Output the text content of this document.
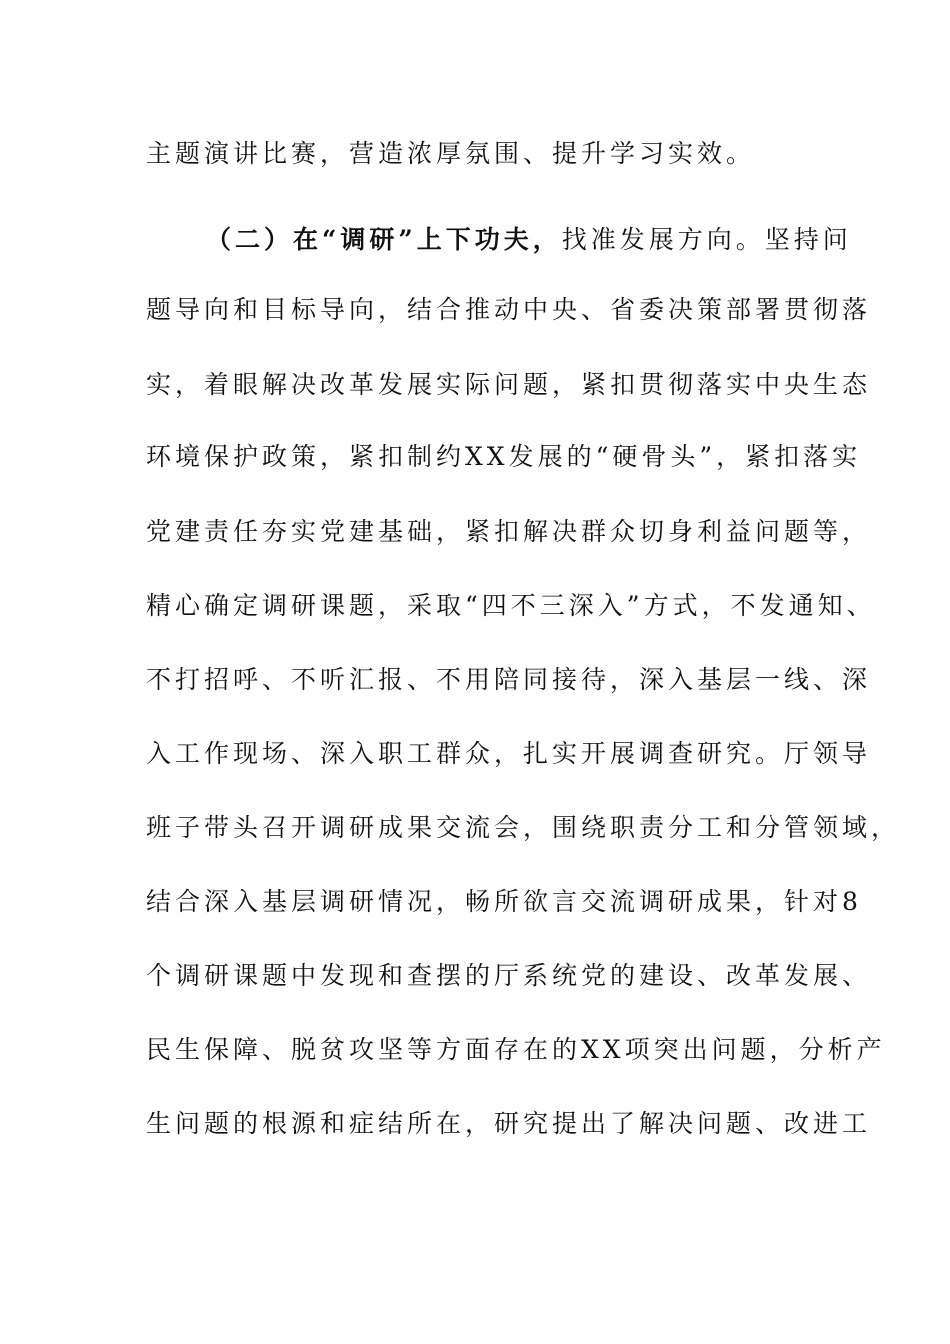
主题演讲比赛，营造浓厚氛围、提升学习实效。
（二）在“调研”上下功夫，找准发展方向。坚持问
题导向和目标导向，结合推动中央、省委决策部署贯彻落
实，着眼解决改革发展实际问题，紧扣贯彻落实中央生态
环境保护政策，紧扣制约XX发展的“硬骨头”，紧扣落实
党建责任夯实党建基础，紧扣解决群众切身利益问题等，
精心确定调研课题，采取“四不三深入”方式，不发通知、
不打招呼、不听汇报、不用陪同接待，深入基层一线、深
入工作现场、深入职工群众，扎实开展调查研究。厅领导
班子带头召开调研成果交流会，围绕职责分工和分管领域，
结合深入基层调研情况，畅所欲言交流调研成果，针对8
个调研课题中发现和查摆的厅系统党的建设、改革发展、
民生保障、脱贫攻坚等方面存在的XX项突出问题，分析产
生问题的根源和症结所在，研究提出了解决问题、改进工
